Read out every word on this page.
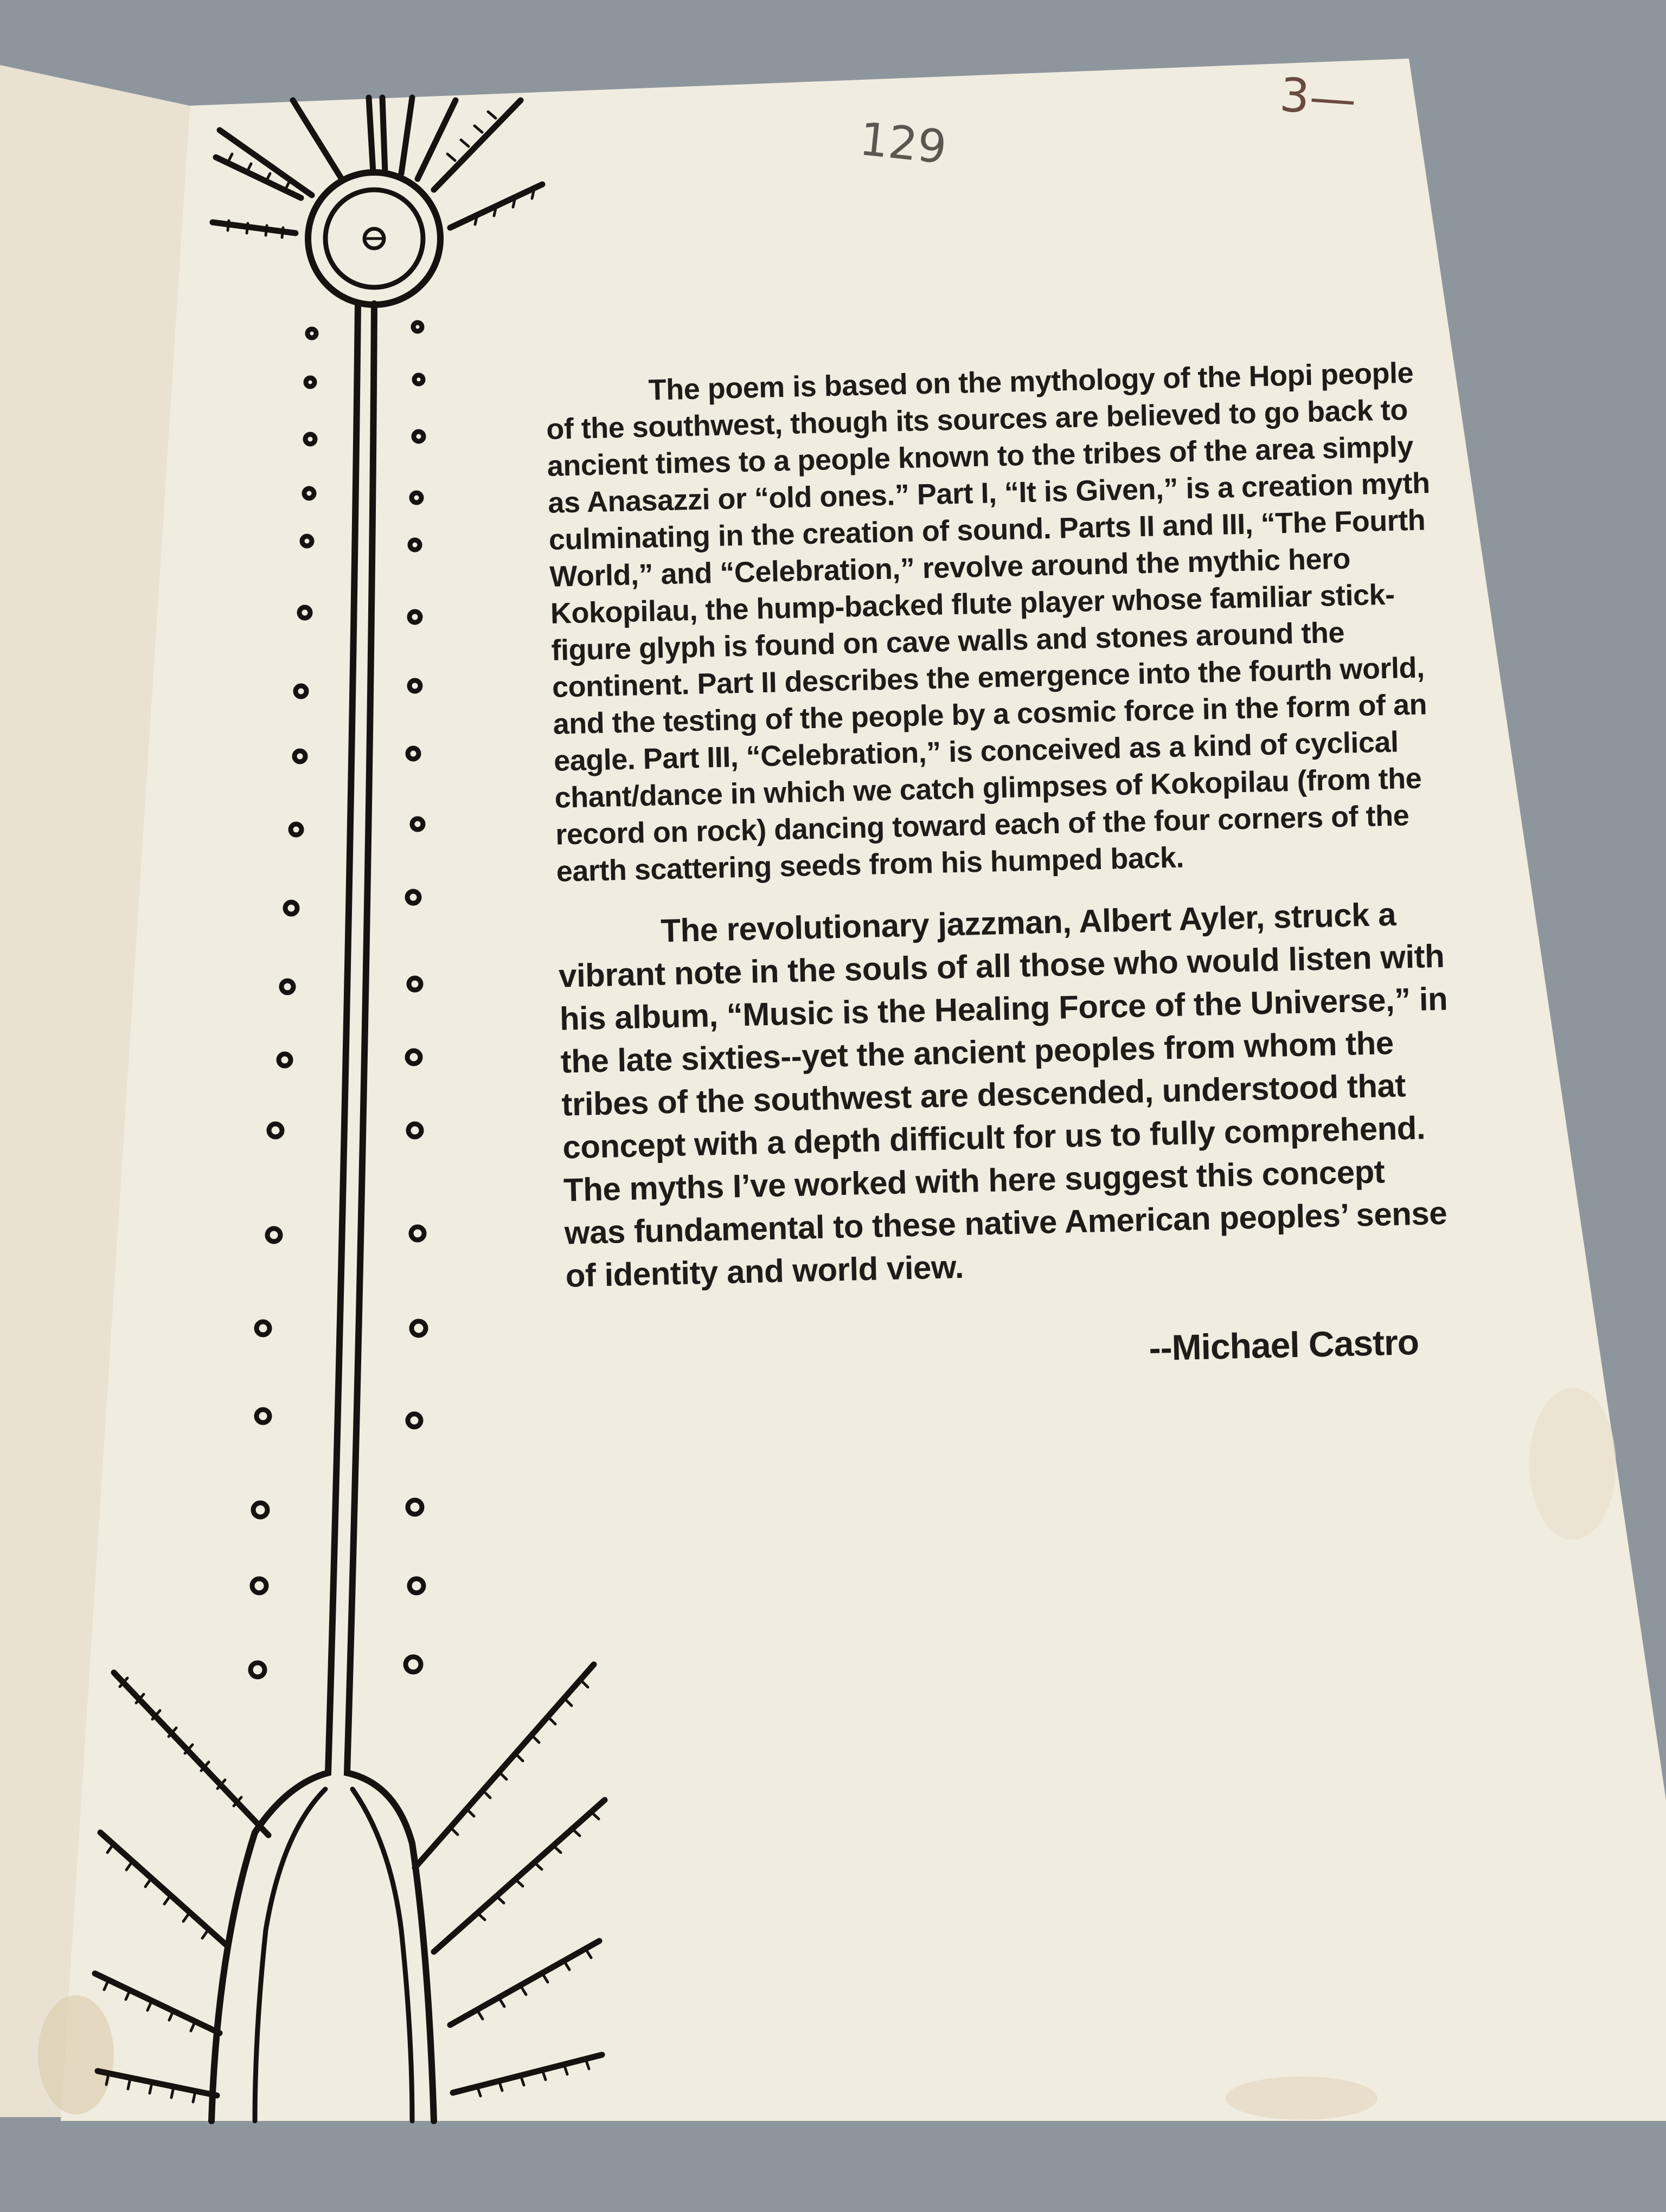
3—
129

The poem is based on the mythology of the Hopi people of the southwest, though its sources are believed to go back to ancient times to a people known to the tribes of the area simply as Anasazzi or “old ones.” Part I, “It is Given,” is a creation myth culminating in the creation of sound. Parts II and III, “The Fourth World,” and “Celebration,” revolve around the mythic hero Kokopilau, the hump-backed flute player whose familiar stick-figure glyph is found on cave walls and stones around the continent. Part II describes the emergence into the fourth world, and the testing of the people by a cosmic force in the form of an eagle. Part III, “Celebration,” is conceived as a kind of cyclical chant/dance in which we catch glimpses of Kokopilau (from the record on rock) dancing toward each of the four corners of the earth scattering seeds from his humped back.

The revolutionary jazzman, Albert Ayler, struck a vibrant note in the souls of all those who would listen with his album, “Music is the Healing Force of the Universe,” in the late sixties--yet the ancient peoples from whom the tribes of the southwest are descended, understood that concept with a depth difficult for us to fully comprehend. The myths I’ve worked with here suggest this concept was fundamental to these native American peoples’ sense of identity and world view.

--Michael Castro
